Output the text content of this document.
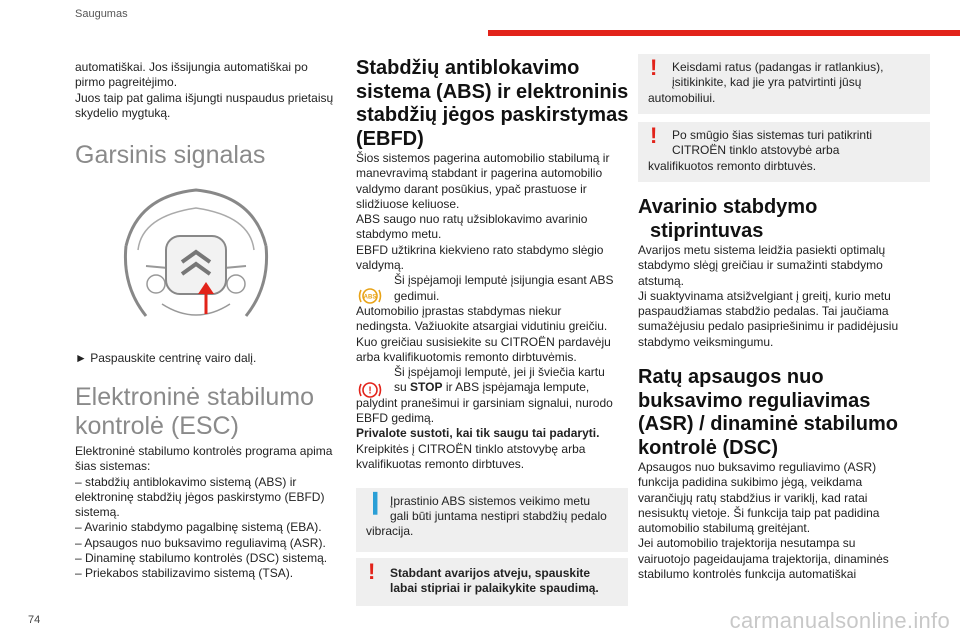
Saugumas
74	carmanualsonline.info

automatiškai. Jos išsijungia automatiškai po

pirmo pagreitėjimo.

Juos taip pat galima išjungti nuspaudus prietaisų

skydelio mygtuką.

Garsinis signalas
► Paspauskite centrinę vairo dalį.

Elektroninė stabilumo

kontrolė (ESC)

Elektroninė stabilumo kontrolės programa apima

šias sistemas:

– stabdžių antiblokavimo sistemą (ABS) ir

elektroninę stabdžių jėgos paskirstymo (EBFD)

sistemą.

– Avarinio stabdymo pagalbinę sistemą (EBA).

– Apsaugos nuo buksavimo reguliavimą (ASR).

– Dinaminę stabilumo kontrolės (DSC) sistemą.

– Priekabos stabilizavimo sistemą (TSA).

Stabdžių antiblokavimo

sistema (ABS) ir elektroninis

stabdžių jėgos paskirstymas

(EBFD)

Šios sistemos pagerina automobilio stabilumą ir

manevravimą stabdant ir pagerina automobilio

valdymo darant posūkius, ypač prastuose ir

slidžiuose keliuose.

ABS saugo nuo ratų užsiblokavimo avarinio

stabdymo metu.

EBFD užtikrina kiekvieno rato stabdymo slėgio

valdymą.

Ši įspėjamoji lemputė įsijungia esant ABS

gedimui.

Automobilio įprastas stabdymas niekur

nedingsta. Važiuokite atsargiai vidutiniu greičiu.

Kuo greičiau susisiekite su CITROËN pardavėju

arba kvalifikuotomis remonto dirbtuvėmis.

Ši įspėjamoji lemputė, jei ji šviečia kartu

su STOP ir ABS įspėjamąja lempute,

palydint pranešimui ir garsiniam signalui, nurodo

EBFD gedimą.

Privalote sustoti, kai tik saugu tai padaryti.

Kreipkitės į CITROËN tinklo atstovybę arba

kvalifikuotas remonto dirbtuves.

ABS
!
❙ Įprastinio ABS sistemos veikimo metu

gali būti juntama nestipri stabdžių pedalo

vibracija.

! Stabdant avarijos atveju, spauskite

labai stipriai ir palaikykite spaudimą.

!	Keisdami ratus (padangas ir ratlankius),

įsitikinkite, kad jie yra patvirtinti jūsų

automobiliui.

!	Po smūgio šias sistemas turi patikrinti

CITROËN tinklo atstovybė arba

kvalifikuotos remonto dirbtuvės.

Avarinio stabdymo

stiprintuvas

Avarijos metu sistema leidžia pasiekti optimalų

stabdymo slėgį greičiau ir sumažinti stabdymo

atstumą.

Ji suaktyvinama atsižvelgiant į greitį, kurio metu

paspaudžiamas stabdžio pedalas. Tai jaučiama

sumažėjusiu pedalo pasipriešinimu ir padidėjusiu

stabdymo veiksmingumu.

Ratų apsaugos nuo

buksavimo reguliavimas

(ASR) / dinaminė stabilumo

kontrolė (DSC)

Apsaugos nuo buksavimo reguliavimo (ASR)

funkcija padidina sukibimo jėgą, veikdama

varančiųjų ratų stabdžius ir variklį, kad ratai

nesisuktų vietoje. Ši funkcija taip pat padidina

automobilio stabilumą greitėjant.

Jei automobilio trajektorija nesutampa su

vairuotojo pageidaujama trajektorija, dinaminės

stabilumo kontrolės funkcija automatiškai
